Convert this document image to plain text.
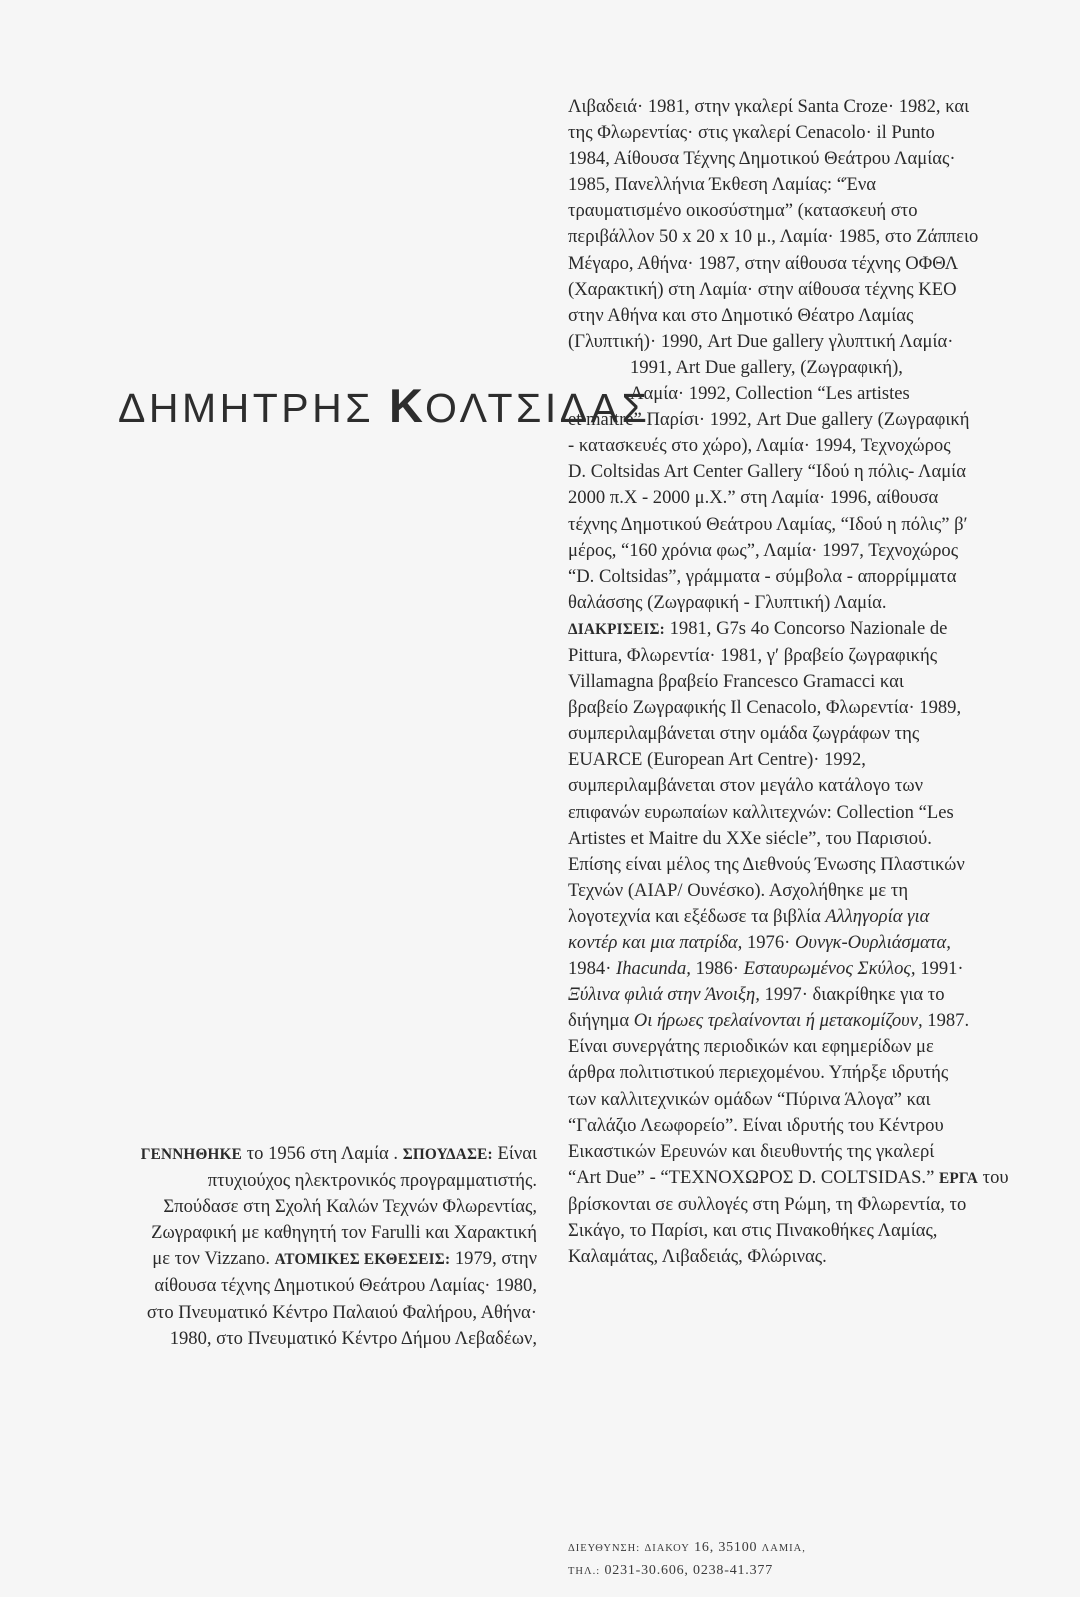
Λιβαδειά· 1981, στην γκαλερί Santa Croze· 1982, και
της Φλωρεντίας· στις γκαλερί Cenacolo· il Punto
1984, Αίθουσα Τέχνης Δημοτικού Θεάτρου Λαμίας·
1985, Πανελλήνια Έκθεση Λαμίας: “Ένα
τραυματισμένο οικοσύστημα” (κατασκευή στο
περιβάλλον 50 x 20 x 10 μ., Λαμία· 1985, στο Ζάππειο
Μέγαρο, Αθήνα· 1987, στην αίθουσα τέχνης ΟΦΘΛ
(Χαρακτική) στη Λαμία· στην αίθουσα τέχνης ΚΕΟ
στην Αθήνα και στο Δημοτικό Θέατρο Λαμίας
(Γλυπτική)· 1990, Art Due gallery γλυπτική Λαμία·
1991, Art Due gallery, (Ζωγραφική),
Λαμία· 1992, Collection “Les artistes
et maitre” Παρίσι· 1992, Art Due gallery (Ζωγραφική
- κατασκευές στο χώρο), Λαμία· 1994, Τεχνοχώρος
D. Coltsidas Art Center Gallery “Ιδού η πόλις- Λαμία
2000 π.Χ - 2000 μ.Χ.” στη Λαμία· 1996, αίθουσα
τέχνης Δημοτικού Θεάτρου Λαμίας, “Ιδού η πόλις” β′
μέρος, “160 χρόνια φως”, Λαμία· 1997, Τεχνοχώρος
“D. Coltsidas”, γράμματα - σύμβολα - απορρίμματα
θαλάσσης (Ζωγραφική - Γλυπτική) Λαμία.
ΔΙΑΚΡΙΣΕΙΣ: 1981, G7s 4o Concorso Nazionale de
Pittura, Φλωρεντία· 1981, γ′ βραβείο ζωγραφικής
Villamagna βραβείο Francesco Gramacci και
βραβείο Ζωγραφικής Il Cenacolo, Φλωρεντία· 1989,
συμπεριλαμβάνεται στην ομάδα ζωγράφων της
EUARCE (European Art Centre)· 1992,
συμπεριλαμβάνεται στον μεγάλο κατάλογο των
επιφανών ευρωπαίων καλλιτεχνών: Collection “Les
Artistes et Maitre du XXe siécle”, του Παρισιού.
Επίσης είναι μέλος της Διεθνούς Ένωσης Πλαστικών
Τεχνών (AIAP/ Ουνέσκο). Ασχολήθηκε με τη
λογοτεχνία και εξέδωσε τα βιβλία Αλληγορία για
κοντέρ και μια πατρίδα, 1976· Ουνγκ-Ουρλιάσματα,
1984· Ihacunda, 1986· Εσταυρωμένος Σκύλος, 1991·
Ξύλινα φιλιά στην Άνοιξη, 1997· διακρίθηκε για το
διήγημα Οι ήρωες τρελαίνονται ή μετακομίζουν, 1987.
Είναι συνεργάτης περιοδικών και εφημερίδων με
άρθρα πολιτιστικού περιεχομένου. Υπήρξε ιδρυτής
των καλλιτεχνικών ομάδων “Πύρινα Άλογα” και
“Γαλάζιο Λεωφορείο”. Είναι ιδρυτής του Κέντρου
Εικαστικών Ερευνών και διευθυντής της γκαλερί
“Art Due” - “ΤΕΧΝΟΧΩΡΟΣ D. COLTSIDAS.” ΕΡΓΑ του
βρίσκονται σε συλλογές στη Ρώμη, τη Φλωρεντία, το
Σικάγο, το Παρίσι, και στις Πινακοθήκες Λαμίας,
Καλαμάτας, Λιβαδειάς, Φλώρινας.
ΔΗΜΗΤΡΗΣ ΚΟΛΤΣΙΔΑΣ
ΓΕΝΝΗΘΗΚΕ το 1956 στη Λαμία . ΣΠΟΥΔΑΣΕ: Είναι
πτυχιούχος ηλεκτρονικός προγραμματιστής.
Σπούδασε στη Σχολή Καλών Τεχνών Φλωρεντίας,
Ζωγραφική με καθηγητή τον Farulli και Χαρακτική
με τον Vizzano. ΑΤΟΜΙΚΕΣ ΕΚΘΕΣΕΙΣ: 1979, στην
αίθουσα τέχνης Δημοτικού Θεάτρου Λαμίας· 1980,
στο Πνευματικό Κέντρο Παλαιού Φαλήρου, Αθήνα·
1980, στο Πνευματικό Κέντρο Δήμου Λεβαδέων,
ΔΙΕΥΘΥΝΣΗ: ΔΙΑΚΟΥ 16, 35100 ΛΑΜΙΑ,
ΤΗΛ.: 0231-30.606, 0238-41.377
